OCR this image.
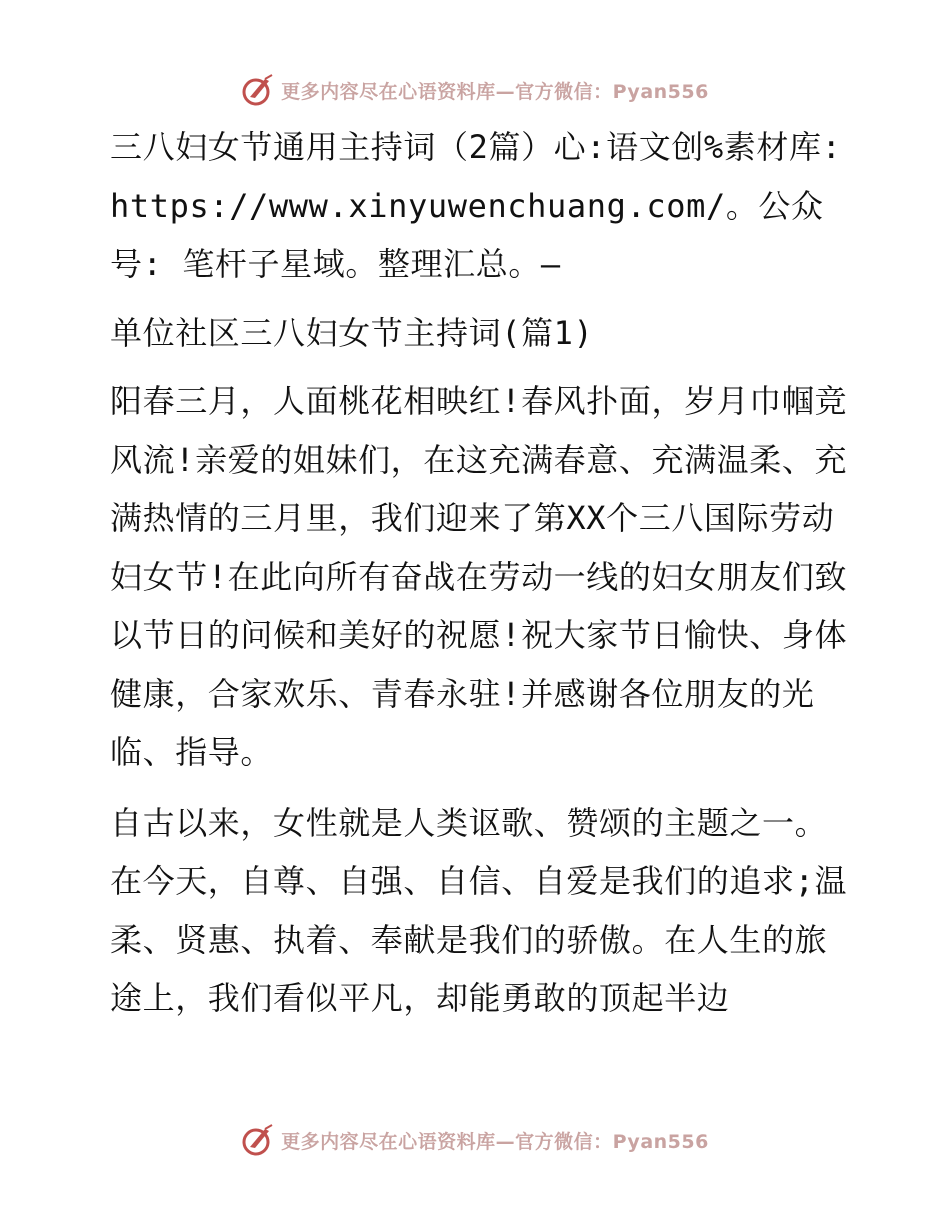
更多内容尽在心语资料库—官方微信：Pyan556

三八妇女节通用主持词（2篇）心:语文创%素材库: https://www.xinyuwenchuang.com/。公众号: 笔杆子星域。整理汇总。—

单位社区三八妇女节主持词(篇1)

阳春三月，人面桃花相映红!春风扑面，岁月巾帼竞风流!亲爱的姐妹们，在这充满春意、充满温柔、充满热情的三月里，我们迎来了第XX个三八国际劳动妇女节!在此向所有奋战在劳动一线的妇女朋友们致以节日的问候和美好的祝愿!祝大家节日愉快、身体健康，合家欢乐、青春永驻!并感谢各位朋友的光临、指导。

自古以来，女性就是人类讴歌、赞颂的主题之一。在今天，自尊、自强、自信、自爱是我们的追求;温柔、贤惠、执着、奉献是我们的骄傲。在人生的旅途上，我们看似平凡，却能勇敢的顶起半边

更多内容尽在心语资料库—官方微信：Pyan556
